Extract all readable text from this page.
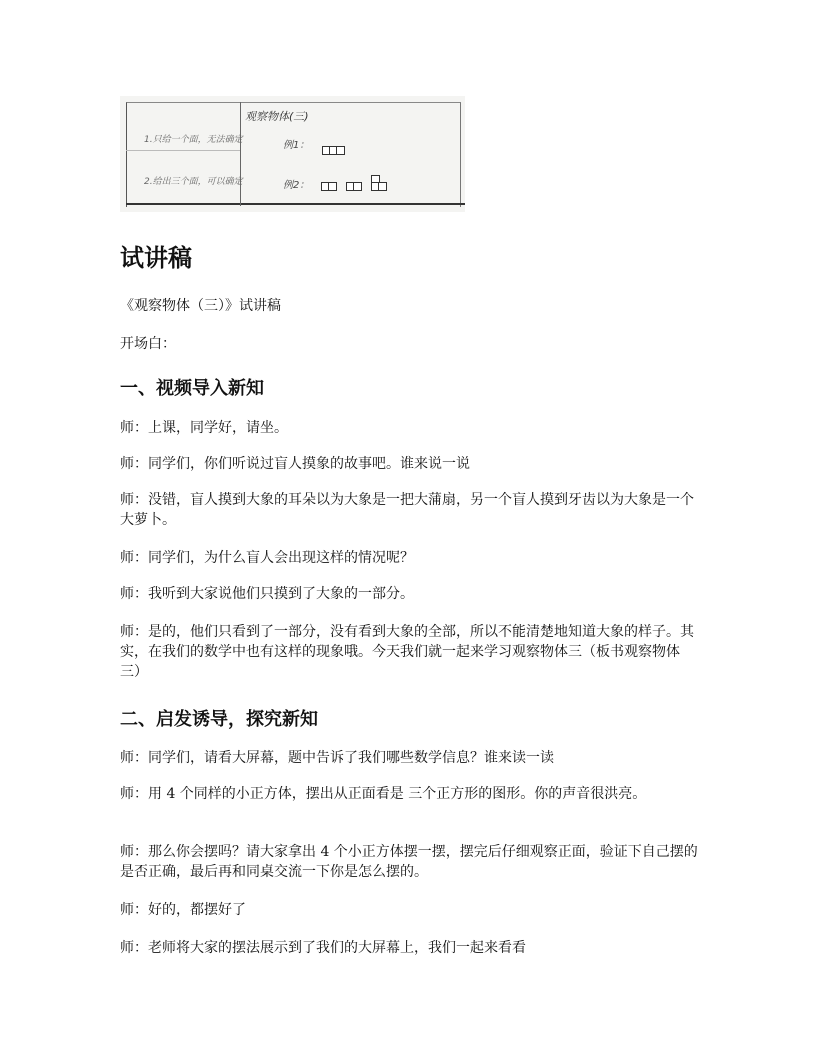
观察物体(三)
1.只给一个面，无法确定
2.给出三个面，可以确定
例1：
例2：
试讲稿

《观察物体（三）》试讲稿

开场白：

一、视频导入新知

师：上课，同学好，请坐。

师：同学们，你们听说过盲人摸象的故事吧。谁来说一说

师：没错，盲人摸到大象的耳朵以为大象是一把大蒲扇，另一个盲人摸到牙齿以为大象是一个大萝卜。

师：同学们，为什么盲人会出现这样的情况呢？

师：我听到大家说他们只摸到了大象的一部分。

师：是的，他们只看到了一部分，没有看到大象的全部，所以不能清楚地知道大象的样子。其实，在我们的数学中也有这样的现象哦。今天我们就一起来学习观察物体三（板书观察物体三）

二、启发诱导，探究新知

师：同学们，请看大屏幕，题中告诉了我们哪些数学信息？谁来读一读

师：用 4 个同样的小正方体，摆出从正面看是 三个正方形的图形。你的声音很洪亮。

师：那么你会摆吗？请大家拿出 4 个小正方体摆一摆，摆完后仔细观察正面，验证下自己摆的是否正确，最后再和同桌交流一下你是怎么摆的。

师：好的，都摆好了

师：老师将大家的摆法展示到了我们的大屏幕上，我们一起来看看
